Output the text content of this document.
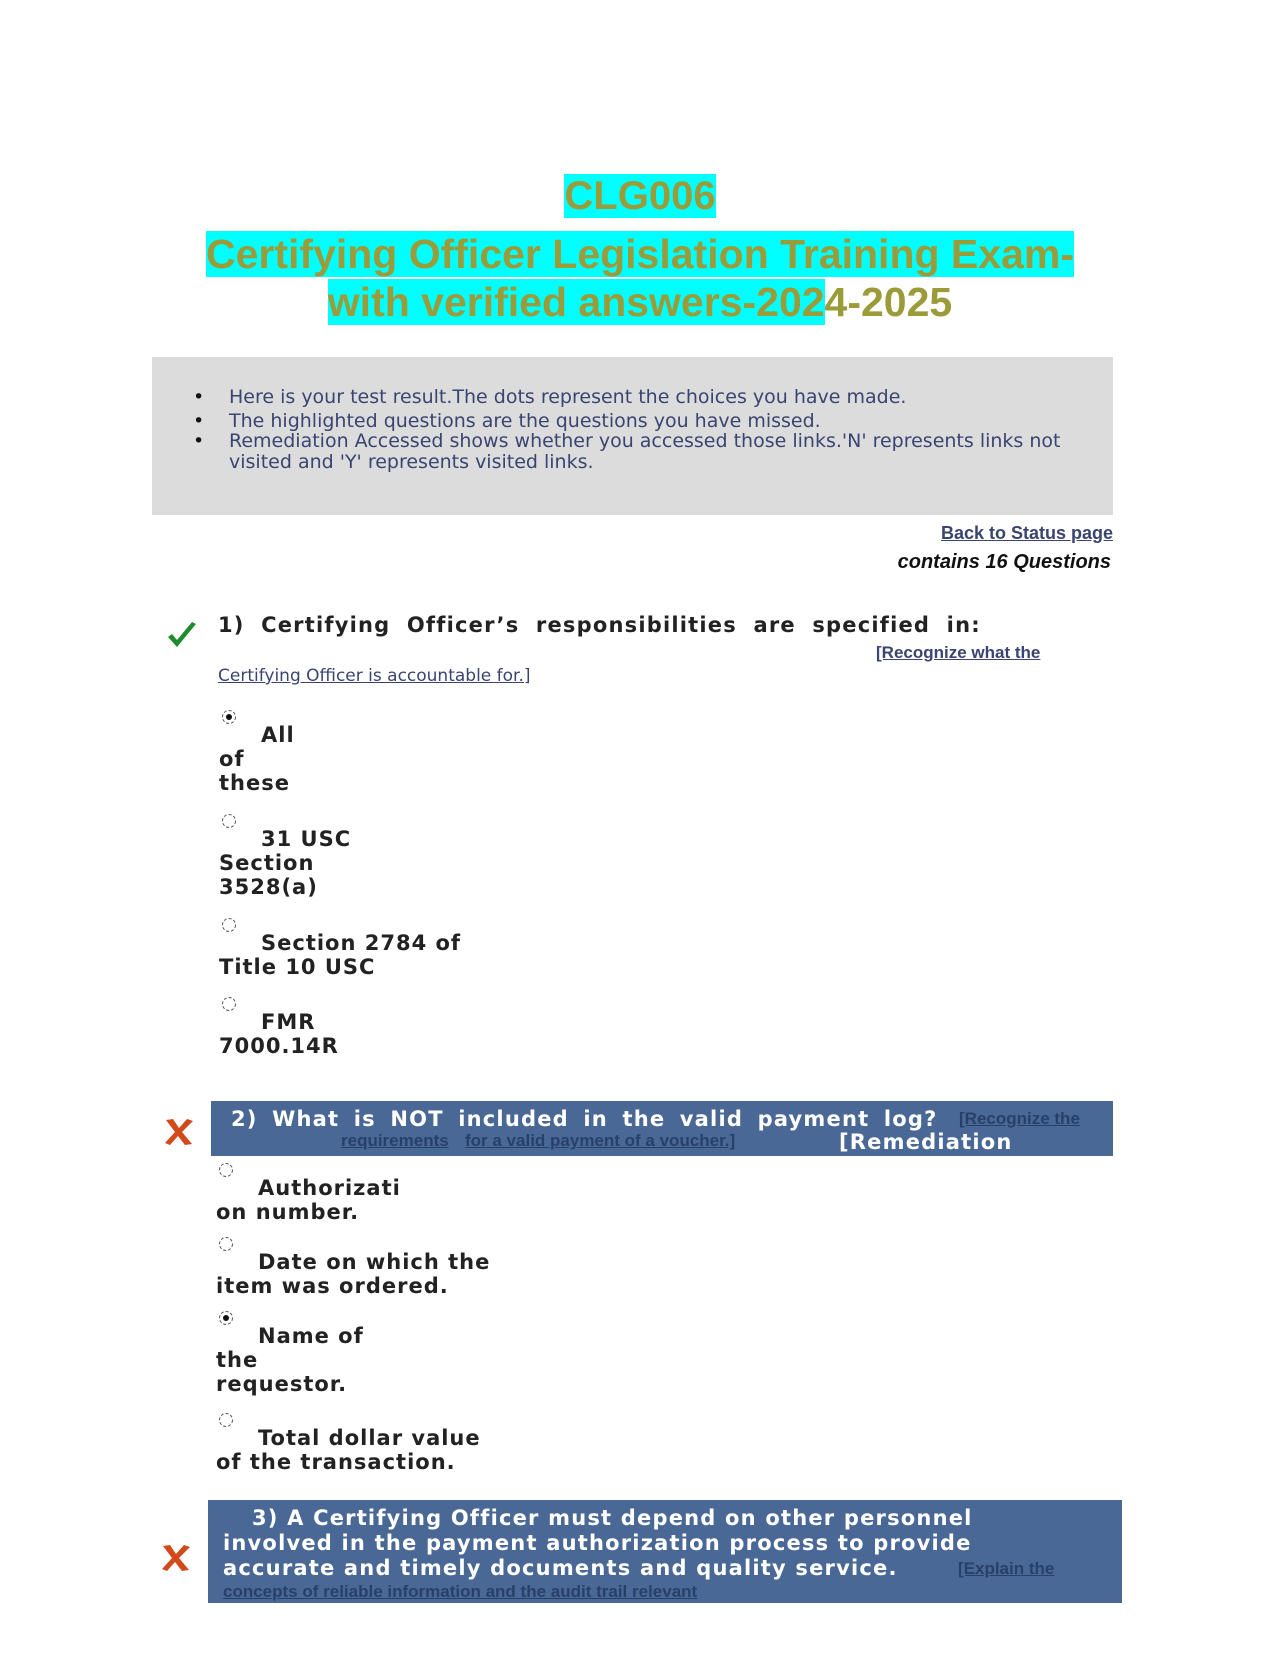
CLG006
Certifying Officer Legislation Training Exam-
with verified answers-2024-2025
• Here is your test result.The dots represent the choices you have made.
• The highlighted questions are the questions you have missed.
• Remediation Accessed shows whether you accessed those links.'N' represents links not visited and 'Y' represents visited links.
Back to Status page
contains 16 Questions
1) Certifying Officer’s responsibilities are specified in:
[Recognize what the
Certifying Officer is accountable for.]
All
of
these
31 USC
Section
3528(a)
Section 2784 of
Title 10 USC
FMR
7000.14R
2) What is NOT included in the valid payment log? [Recognize the
requirements for a valid payment of a voucher.]	[Remediation
Authorizati
on number.
Date on which the
item was ordered.
Name of
the
requestor.
Total dollar value
of the transaction.
3) A Certifying Officer must depend on other personnel
involved in the payment authorization process to provide
accurate and timely documents and quality service.	[Explain the
concepts of reliable information and the audit trail relevant
